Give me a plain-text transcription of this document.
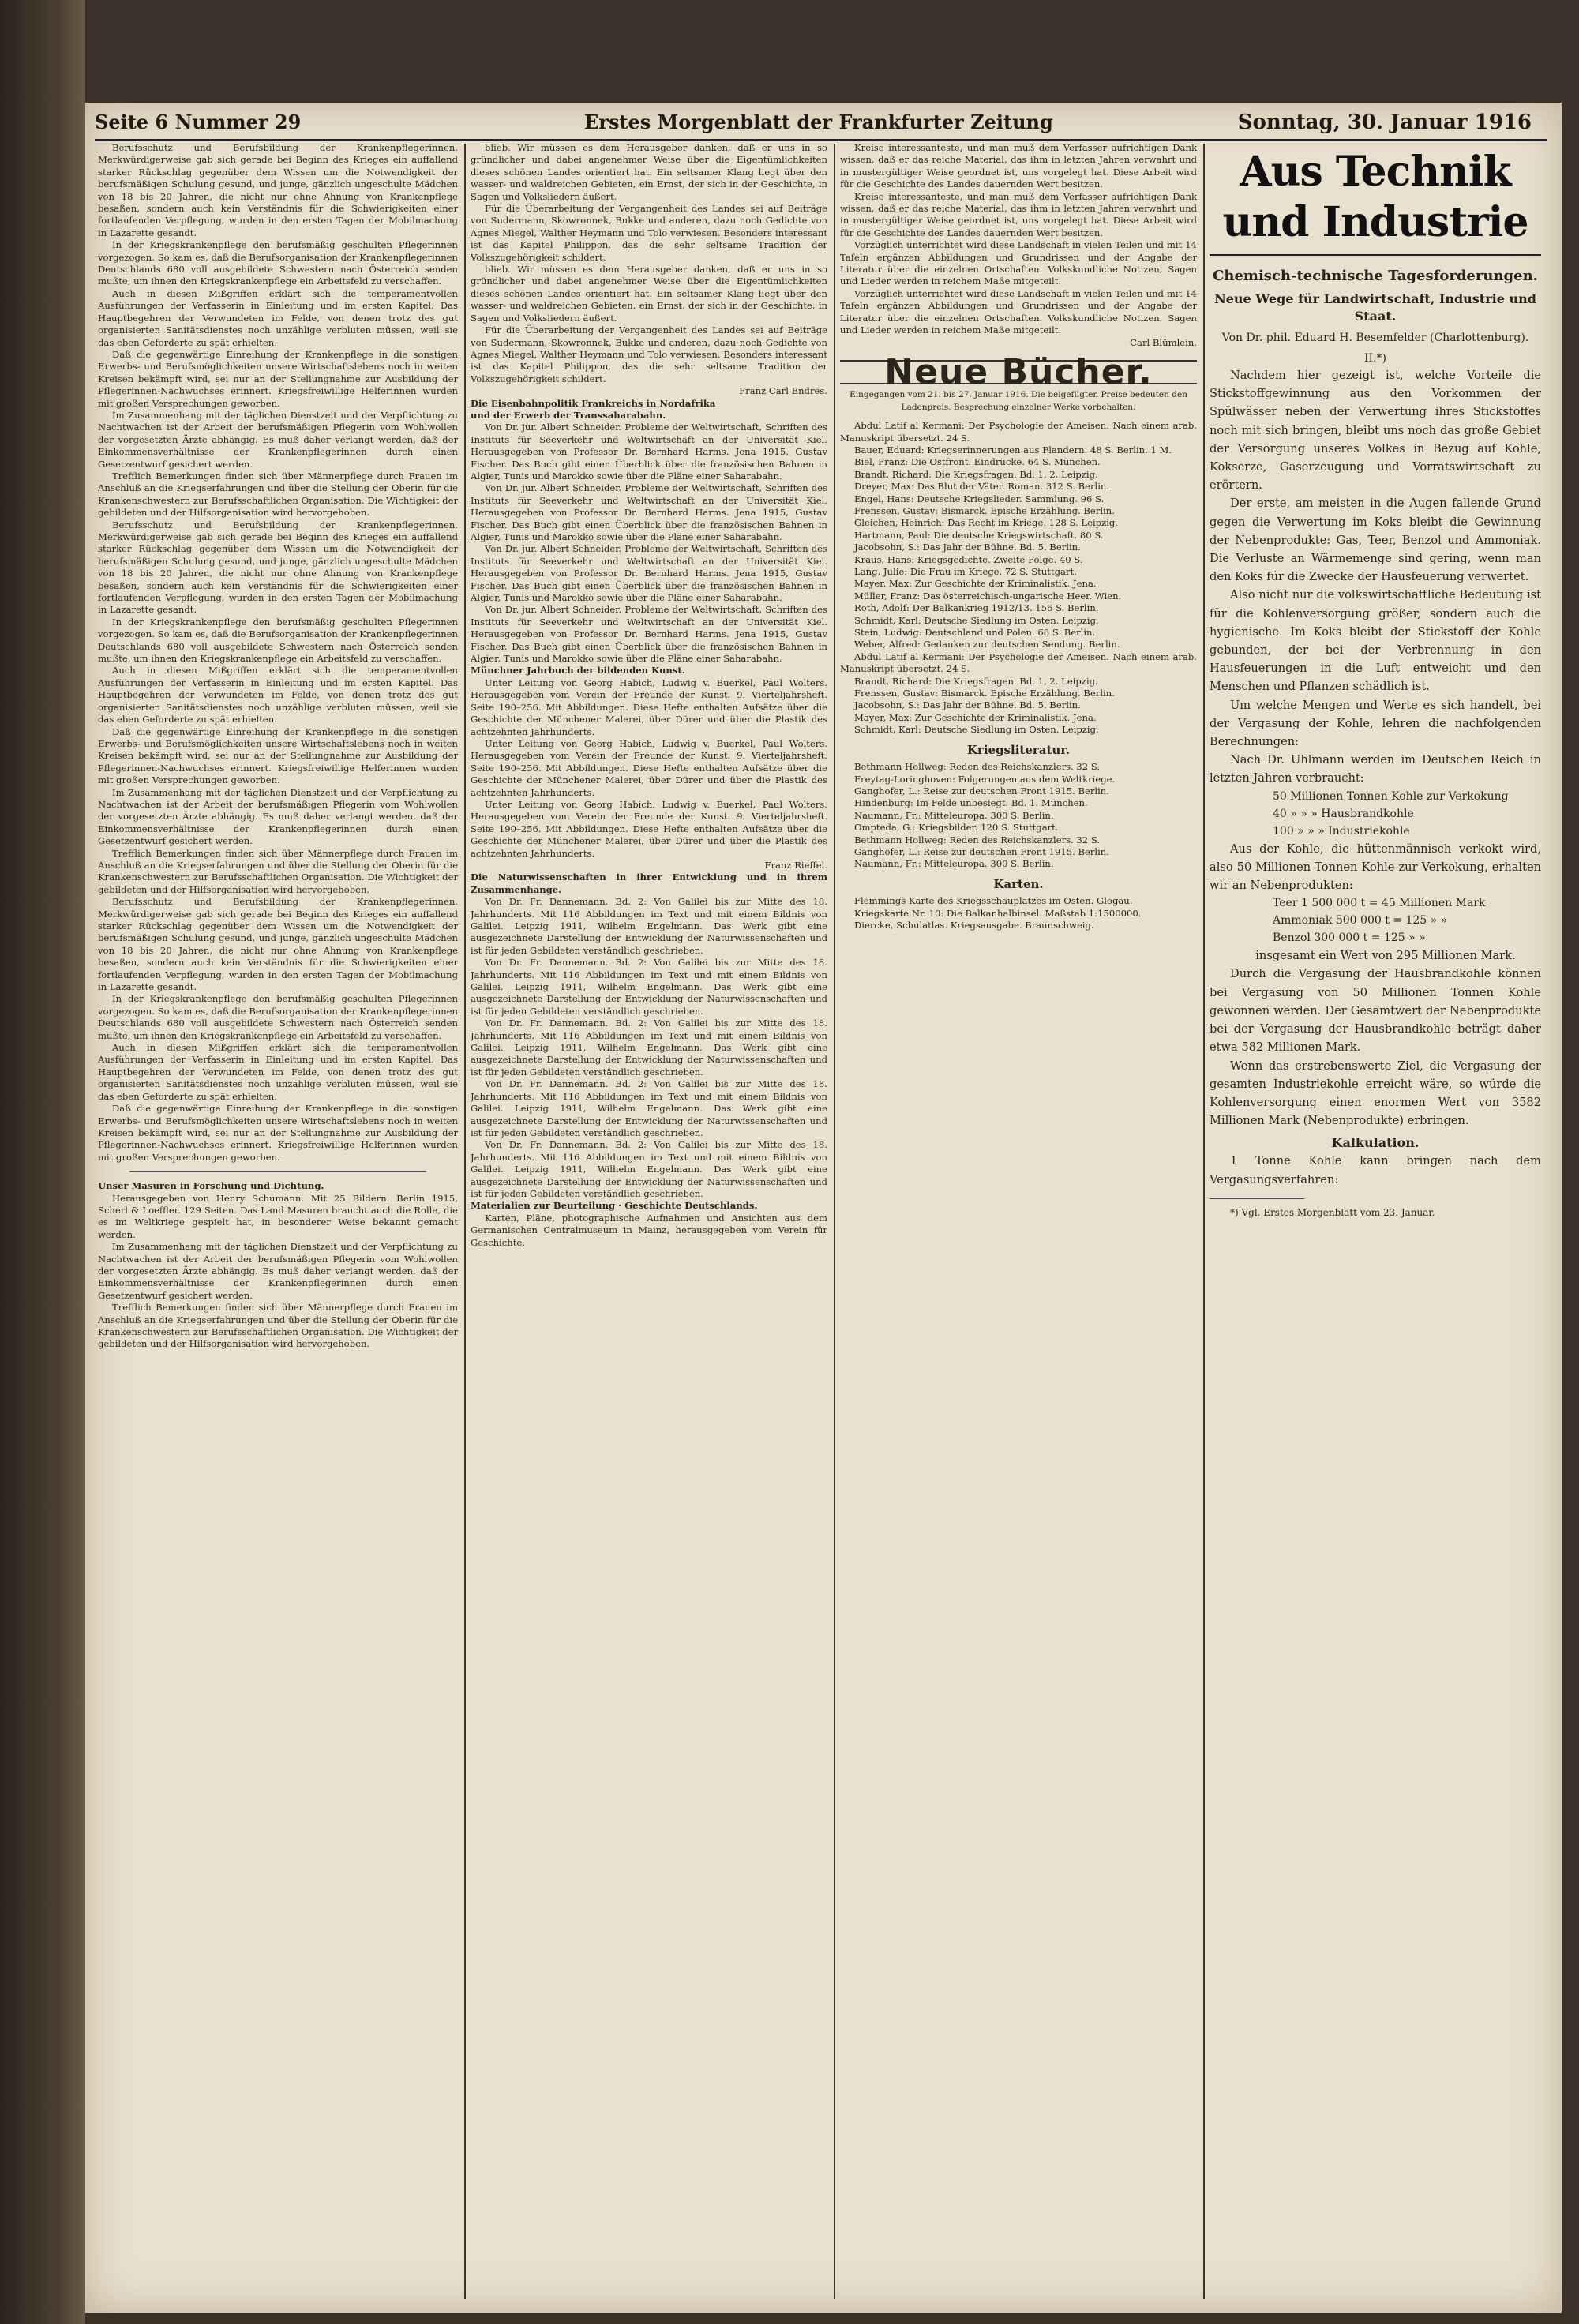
Seite 6 Nummer 29	Erstes Morgenblatt der Frankfurter Zeitung	Sonntag, 30. Januar 1916

Berufsschutz und Berufsbildung der Krankenpflegerinnen. Merkwürdigerweise gab sich gerade bei Beginn des Krieges ein auffallend starker Rückschlag gegenüber dem Wissen um die Notwendigkeit der berufsmäßigen Schulung gesund, und junge, gänzlich ungeschulte Mädchen von 18 bis 20 Jahren, die nicht nur ohne Ahnung von Krankenpflege besaßen, sondern auch kein Verständnis für die Schwierigkeiten einer fortlaufenden Verpflegung, wurden in den ersten Tagen der Mobilmachung in Lazarette gesandt.

In der Kriegskrankenpflege den berufsmäßig geschulten Pflegerinnen vorgezogen. So kam es, daß die Berufsorganisation der Krankenpflegerinnen Deutschlands 680 voll ausgebildete Schwestern nach Österreich senden mußte, um ihnen den Kriegskrankenpflege ein Arbeitsfeld zu verschaffen.

Auch in diesen Mißgriffen erklärt sich die temperamentvollen Ausführungen der Verfasserin in Einleitung und im ersten Kapitel. Das Hauptbegehren der Verwundeten im Felde, von denen trotz des gut organisierten Sanitätsdienstes noch unzählige verbluten müssen, weil sie das eben Geforderte zu spät erhielten.

Daß die gegenwärtige Einreihung der Krankenpflege in die sonstigen Erwerbs- und Berufsmöglichkeiten unsere Wirtschaftslebens noch in weiten Kreisen bekämpft wird, sei nur an der Stellungnahme zur Ausbildung der Pflegerinnen-Nachwuchses erinnert. Kriegsfreiwillige Helferinnen wurden mit großen Versprechungen geworben.

Im Zusammenhang mit der täglichen Dienstzeit und der Verpflichtung zu Nachtwachen ist der Arbeit der berufsmäßigen Pflegerin vom Wohlwollen der vorgesetzten Ärzte abhängig. Es muß daher verlangt werden, daß der Einkommensverhältnisse der Krankenpflegerinnen durch einen Gesetzentwurf gesichert werden.

Trefflich Bemerkungen finden sich über Männerpflege durch Frauen im Anschluß an die Kriegserfahrungen und über die Stellung der Oberin für die Krankenschwestern zur Berufsschaftlichen Organisation. Die Wichtigkeit der gebildeten und der Hilfsorganisation wird hervorgehoben.

Berufsschutz und Berufsbildung der Krankenpflegerinnen. Merkwürdigerweise gab sich gerade bei Beginn des Krieges ein auffallend starker Rückschlag gegenüber dem Wissen um die Notwendigkeit der berufsmäßigen Schulung gesund, und junge, gänzlich ungeschulte Mädchen von 18 bis 20 Jahren, die nicht nur ohne Ahnung von Krankenpflege besaßen, sondern auch kein Verständnis für die Schwierigkeiten einer fortlaufenden Verpflegung, wurden in den ersten Tagen der Mobilmachung in Lazarette gesandt.

In der Kriegskrankenpflege den berufsmäßig geschulten Pflegerinnen vorgezogen. So kam es, daß die Berufsorganisation der Krankenpflegerinnen Deutschlands 680 voll ausgebildete Schwestern nach Österreich senden mußte, um ihnen den Kriegskrankenpflege ein Arbeitsfeld zu verschaffen.

Auch in diesen Mißgriffen erklärt sich die temperamentvollen Ausführungen der Verfasserin in Einleitung und im ersten Kapitel. Das Hauptbegehren der Verwundeten im Felde, von denen trotz des gut organisierten Sanitätsdienstes noch unzählige verbluten müssen, weil sie das eben Geforderte zu spät erhielten.

Daß die gegenwärtige Einreihung der Krankenpflege in die sonstigen Erwerbs- und Berufsmöglichkeiten unsere Wirtschaftslebens noch in weiten Kreisen bekämpft wird, sei nur an der Stellungnahme zur Ausbildung der Pflegerinnen-Nachwuchses erinnert. Kriegsfreiwillige Helferinnen wurden mit großen Versprechungen geworben.

Im Zusammenhang mit der täglichen Dienstzeit und der Verpflichtung zu Nachtwachen ist der Arbeit der berufsmäßigen Pflegerin vom Wohlwollen der vorgesetzten Ärzte abhängig. Es muß daher verlangt werden, daß der Einkommensverhältnisse der Krankenpflegerinnen durch einen Gesetzentwurf gesichert werden.

Trefflich Bemerkungen finden sich über Männerpflege durch Frauen im Anschluß an die Kriegserfahrungen und über die Stellung der Oberin für die Krankenschwestern zur Berufsschaftlichen Organisation. Die Wichtigkeit der gebildeten und der Hilfsorganisation wird hervorgehoben.

Berufsschutz und Berufsbildung der Krankenpflegerinnen. Merkwürdigerweise gab sich gerade bei Beginn des Krieges ein auffallend starker Rückschlag gegenüber dem Wissen um die Notwendigkeit der berufsmäßigen Schulung gesund, und junge, gänzlich ungeschulte Mädchen von 18 bis 20 Jahren, die nicht nur ohne Ahnung von Krankenpflege besaßen, sondern auch kein Verständnis für die Schwierigkeiten einer fortlaufenden Verpflegung, wurden in den ersten Tagen der Mobilmachung in Lazarette gesandt.

In der Kriegskrankenpflege den berufsmäßig geschulten Pflegerinnen vorgezogen. So kam es, daß die Berufsorganisation der Krankenpflegerinnen Deutschlands 680 voll ausgebildete Schwestern nach Österreich senden mußte, um ihnen den Kriegskrankenpflege ein Arbeitsfeld zu verschaffen.

Auch in diesen Mißgriffen erklärt sich die temperamentvollen Ausführungen der Verfasserin in Einleitung und im ersten Kapitel. Das Hauptbegehren der Verwundeten im Felde, von denen trotz des gut organisierten Sanitätsdienstes noch unzählige verbluten müssen, weil sie das eben Geforderte zu spät erhielten.

Daß die gegenwärtige Einreihung der Krankenpflege in die sonstigen Erwerbs- und Berufsmöglichkeiten unsere Wirtschaftslebens noch in weiten Kreisen bekämpft wird, sei nur an der Stellungnahme zur Ausbildung der Pflegerinnen-Nachwuchses erinnert. Kriegsfreiwillige Helferinnen wurden mit großen Versprechungen geworben.

Unser Masuren in Forschung und Dichtung.

Herausgegeben von Henry Schumann. Mit 25 Bildern. Berlin 1915, Scherl & Loeffler. 129 Seiten. Das Land Masuren braucht auch die Rolle, die es im Weltkriege gespielt hat, in besonderer Weise bekannt gemacht werden.

Im Zusammenhang mit der täglichen Dienstzeit und der Verpflichtung zu Nachtwachen ist der Arbeit der berufsmäßigen Pflegerin vom Wohlwollen der vorgesetzten Ärzte abhängig. Es muß daher verlangt werden, daß der Einkommensverhältnisse der Krankenpflegerinnen durch einen Gesetzentwurf gesichert werden.

Trefflich Bemerkungen finden sich über Männerpflege durch Frauen im Anschluß an die Kriegserfahrungen und über die Stellung der Oberin für die Krankenschwestern zur Berufsschaftlichen Organisation. Die Wichtigkeit der gebildeten und der Hilfsorganisation wird hervorgehoben.

blieb. Wir müssen es dem Herausgeber danken, daß er uns in so gründlicher und dabei angenehmer Weise über die Eigentümlichkeiten dieses schönen Landes orientiert hat. Ein seltsamer Klang liegt über den wasser- und waldreichen Gebieten, ein Ernst, der sich in der Geschichte, in Sagen und Volksliedern äußert.

Für die Überarbeitung der Vergangenheit des Landes sei auf Beiträge von Sudermann, Skowronnek, Bukke und anderen, dazu noch Gedichte von Agnes Miegel, Walther Heymann und Tolo verwiesen. Besonders interessant ist das Kapitel Philippon, das die sehr seltsame Tradition der Volkszugehörigkeit schildert.

blieb. Wir müssen es dem Herausgeber danken, daß er uns in so gründlicher und dabei angenehmer Weise über die Eigentümlichkeiten dieses schönen Landes orientiert hat. Ein seltsamer Klang liegt über den wasser- und waldreichen Gebieten, ein Ernst, der sich in der Geschichte, in Sagen und Volksliedern äußert.

Für die Überarbeitung der Vergangenheit des Landes sei auf Beiträge von Sudermann, Skowronnek, Bukke und anderen, dazu noch Gedichte von Agnes Miegel, Walther Heymann und Tolo verwiesen. Besonders interessant ist das Kapitel Philippon, das die sehr seltsame Tradition der Volkszugehörigkeit schildert.

Franz Carl Endres.

Die Eisenbahnpolitik Frankreichs in Nordafrika

und der Erwerb der Transsaharabahn.

Von Dr. jur. Albert Schneider. Probleme der Weltwirtschaft, Schriften des Instituts für Seeverkehr und Weltwirtschaft an der Universität Kiel. Herausgegeben von Professor Dr. Bernhard Harms. Jena 1915, Gustav Fischer. Das Buch gibt einen Überblick über die französischen Bahnen in Algier, Tunis und Marokko sowie über die Pläne einer Saharabahn.

Von Dr. jur. Albert Schneider. Probleme der Weltwirtschaft, Schriften des Instituts für Seeverkehr und Weltwirtschaft an der Universität Kiel. Herausgegeben von Professor Dr. Bernhard Harms. Jena 1915, Gustav Fischer. Das Buch gibt einen Überblick über die französischen Bahnen in Algier, Tunis und Marokko sowie über die Pläne einer Saharabahn.

Von Dr. jur. Albert Schneider. Probleme der Weltwirtschaft, Schriften des Instituts für Seeverkehr und Weltwirtschaft an der Universität Kiel. Herausgegeben von Professor Dr. Bernhard Harms. Jena 1915, Gustav Fischer. Das Buch gibt einen Überblick über die französischen Bahnen in Algier, Tunis und Marokko sowie über die Pläne einer Saharabahn.

Von Dr. jur. Albert Schneider. Probleme der Weltwirtschaft, Schriften des Instituts für Seeverkehr und Weltwirtschaft an der Universität Kiel. Herausgegeben von Professor Dr. Bernhard Harms. Jena 1915, Gustav Fischer. Das Buch gibt einen Überblick über die französischen Bahnen in Algier, Tunis und Marokko sowie über die Pläne einer Saharabahn.

Münchner Jahrbuch der bildenden Kunst.

Unter Leitung von Georg Habich, Ludwig v. Buerkel, Paul Wolters. Herausgegeben vom Verein der Freunde der Kunst. 9. Vierteljahrsheft. Seite 190–256. Mit Abbildungen. Diese Hefte enthalten Aufsätze über die Geschichte der Münchener Malerei, über Dürer und über die Plastik des achtzehnten Jahrhunderts.

Unter Leitung von Georg Habich, Ludwig v. Buerkel, Paul Wolters. Herausgegeben vom Verein der Freunde der Kunst. 9. Vierteljahrsheft. Seite 190–256. Mit Abbildungen. Diese Hefte enthalten Aufsätze über die Geschichte der Münchener Malerei, über Dürer und über die Plastik des achtzehnten Jahrhunderts.

Unter Leitung von Georg Habich, Ludwig v. Buerkel, Paul Wolters. Herausgegeben vom Verein der Freunde der Kunst. 9. Vierteljahrsheft. Seite 190–256. Mit Abbildungen. Diese Hefte enthalten Aufsätze über die Geschichte der Münchener Malerei, über Dürer und über die Plastik des achtzehnten Jahrhunderts.

Franz Rieffel.

Die Naturwissenschaften in ihrer Entwicklung und in ihrem Zusammenhange.

Von Dr. Fr. Dannemann. Bd. 2: Von Galilei bis zur Mitte des 18. Jahrhunderts. Mit 116 Abbildungen im Text und mit einem Bildnis von Galilei. Leipzig 1911, Wilhelm Engelmann. Das Werk gibt eine ausgezeichnete Darstellung der Entwicklung der Naturwissenschaften und ist für jeden Gebildeten verständlich geschrieben.

Von Dr. Fr. Dannemann. Bd. 2: Von Galilei bis zur Mitte des 18. Jahrhunderts. Mit 116 Abbildungen im Text und mit einem Bildnis von Galilei. Leipzig 1911, Wilhelm Engelmann. Das Werk gibt eine ausgezeichnete Darstellung der Entwicklung der Naturwissenschaften und ist für jeden Gebildeten verständlich geschrieben.

Von Dr. Fr. Dannemann. Bd. 2: Von Galilei bis zur Mitte des 18. Jahrhunderts. Mit 116 Abbildungen im Text und mit einem Bildnis von Galilei. Leipzig 1911, Wilhelm Engelmann. Das Werk gibt eine ausgezeichnete Darstellung der Entwicklung der Naturwissenschaften und ist für jeden Gebildeten verständlich geschrieben.

Von Dr. Fr. Dannemann. Bd. 2: Von Galilei bis zur Mitte des 18. Jahrhunderts. Mit 116 Abbildungen im Text und mit einem Bildnis von Galilei. Leipzig 1911, Wilhelm Engelmann. Das Werk gibt eine ausgezeichnete Darstellung der Entwicklung der Naturwissenschaften und ist für jeden Gebildeten verständlich geschrieben.

Von Dr. Fr. Dannemann. Bd. 2: Von Galilei bis zur Mitte des 18. Jahrhunderts. Mit 116 Abbildungen im Text und mit einem Bildnis von Galilei. Leipzig 1911, Wilhelm Engelmann. Das Werk gibt eine ausgezeichnete Darstellung der Entwicklung der Naturwissenschaften und ist für jeden Gebildeten verständlich geschrieben.

Materialien zur Beurteilung · Geschichte Deutschlands.

Karten, Pläne, photographische Aufnahmen und Ansichten aus dem Germanischen Centralmuseum in Mainz, herausgegeben vom Verein für Geschichte.

Kreise interessanteste, und man muß dem Verfasser aufrichtigen Dank wissen, daß er das reiche Material, das ihm in letzten Jahren verwahrt und in mustergültiger Weise geordnet ist, uns vorgelegt hat. Diese Arbeit wird für die Geschichte des Landes dauernden Wert besitzen.

Kreise interessanteste, und man muß dem Verfasser aufrichtigen Dank wissen, daß er das reiche Material, das ihm in letzten Jahren verwahrt und in mustergültiger Weise geordnet ist, uns vorgelegt hat. Diese Arbeit wird für die Geschichte des Landes dauernden Wert besitzen.

Vorzüglich unterrichtet wird diese Landschaft in vielen Teilen und mit 14 Tafeln ergänzen Abbildungen und Grundrissen und der Angabe der Literatur über die einzelnen Ortschaften. Volkskundliche Notizen, Sagen und Lieder werden in reichem Maße mitgeteilt.

Vorzüglich unterrichtet wird diese Landschaft in vielen Teilen und mit 14 Tafeln ergänzen Abbildungen und Grundrissen und der Angabe der Literatur über die einzelnen Ortschaften. Volkskundliche Notizen, Sagen und Lieder werden in reichem Maße mitgeteilt.

Carl Blümlein.

Neue Bücher.
Eingegangen vom 21. bis 27. Januar 1916. Die beigefügten Preise bedeuten den Ladenpreis. Besprechung einzelner Werke vorbehalten.

Abdul Latif al Kermani: Der Psychologie der Ameisen. Nach einem arab. Manuskript übersetzt. 24 S.

Bauer, Eduard: Kriegserinnerungen aus Flandern. 48 S. Berlin. 1 M.

Biel, Franz: Die Ostfront. Eindrücke. 64 S. München.

Brandt, Richard: Die Kriegsfragen. Bd. 1, 2. Leipzig.

Dreyer, Max: Das Blut der Väter. Roman. 312 S. Berlin.

Engel, Hans: Deutsche Kriegslieder. Sammlung. 96 S.

Frenssen, Gustav: Bismarck. Epische Erzählung. Berlin.

Gleichen, Heinrich: Das Recht im Kriege. 128 S. Leipzig.

Hartmann, Paul: Die deutsche Kriegswirtschaft. 80 S.

Jacobsohn, S.: Das Jahr der Bühne. Bd. 5. Berlin.

Kraus, Hans: Kriegsgedichte. Zweite Folge. 40 S.

Lang, Julie: Die Frau im Kriege. 72 S. Stuttgart.

Mayer, Max: Zur Geschichte der Kriminalistik. Jena.

Müller, Franz: Das österreichisch-ungarische Heer. Wien.

Roth, Adolf: Der Balkankrieg 1912/13. 156 S. Berlin.

Schmidt, Karl: Deutsche Siedlung im Osten. Leipzig.

Stein, Ludwig: Deutschland und Polen. 68 S. Berlin.

Weber, Alfred: Gedanken zur deutschen Sendung. Berlin.

Abdul Latif al Kermani: Der Psychologie der Ameisen. Nach einem arab. Manuskript übersetzt. 24 S.

Brandt, Richard: Die Kriegsfragen. Bd. 1, 2. Leipzig.

Frenssen, Gustav: Bismarck. Epische Erzählung. Berlin.

Jacobsohn, S.: Das Jahr der Bühne. Bd. 5. Berlin.

Mayer, Max: Zur Geschichte der Kriminalistik. Jena.

Schmidt, Karl: Deutsche Siedlung im Osten. Leipzig.

Kriegsliteratur.

Bethmann Hollweg: Reden des Reichskanzlers. 32 S.

Freytag-Loringhoven: Folgerungen aus dem Weltkriege.

Ganghofer, L.: Reise zur deutschen Front 1915. Berlin.

Hindenburg: Im Felde unbesiegt. Bd. 1. München.

Naumann, Fr.: Mitteleuropa. 300 S. Berlin.

Ompteda, G.: Kriegsbilder. 120 S. Stuttgart.

Bethmann Hollweg: Reden des Reichskanzlers. 32 S.

Ganghofer, L.: Reise zur deutschen Front 1915. Berlin.

Naumann, Fr.: Mitteleuropa. 300 S. Berlin.

Karten.

Flemmings Karte des Kriegsschauplatzes im Osten. Glogau.

Kriegskarte Nr. 10: Die Balkanhalbinsel. Maßstab 1:1500000.

Diercke, Schulatlas. Kriegsausgabe. Braunschweig.

Aus Technik und Industrie
Chemisch-technische Tagesforderungen.
Neue Wege für Landwirtschaft, Industrie und Staat.
Von Dr. phil. Eduard H. Besemfelder (Charlottenburg).
II.*)

Nachdem hier gezeigt ist, welche Vorteile die Stickstoffgewinnung aus den Vorkommen der Spülwässer neben der Verwertung ihres Stickstoffes noch mit sich bringen, bleibt uns noch das große Gebiet der Versorgung unseres Volkes in Bezug auf Kohle, Kokserze, Gaserzeugung und Vorratswirtschaft zu erörtern.

Der erste, am meisten in die Augen fallende Grund gegen die Verwertung im Koks bleibt die Gewinnung der Nebenprodukte: Gas, Teer, Benzol und Ammoniak. Die Verluste an Wärmemenge sind gering, wenn man den Koks für die Zwecke der Hausfeuerung verwertet.

Also nicht nur die volkswirtschaftliche Bedeutung ist für die Kohlenversorgung größer, sondern auch die hygienische. Im Koks bleibt der Stickstoff der Kohle gebunden, der bei der Verbrennung in den Hausfeuerungen in die Luft entweicht und den Menschen und Pflanzen schädlich ist.

Um welche Mengen und Werte es sich handelt, bei der Vergasung der Kohle, lehren die nachfolgenden Berechnungen:

Nach Dr. Uhlmann werden im Deutschen Reich in letzten Jahren verbraucht:

50 Millionen Tonnen Kohle zur Verkokung
40 » » » Hausbrandkohle
100 » » » Industriekohle

Aus der Kohle, die hüttenmännisch verkokt wird, also 50 Millionen Tonnen Kohle zur Verkokung, erhalten wir an Nebenprodukten:

Teer 1 500 000 t = 45 Millionen Mark
Ammoniak 500 000 t = 125 » »
Benzol 300 000 t = 125 » »

insgesamt ein Wert von 295 Millionen Mark.

Durch die Vergasung der Hausbrandkohle können bei Vergasung von 50 Millionen Tonnen Kohle gewonnen werden. Der Gesamtwert der Nebenprodukte bei der Vergasung der Hausbrandkohle beträgt daher etwa 582 Millionen Mark.

Wenn das erstrebenswerte Ziel, die Vergasung der gesamten Industriekohle erreicht wäre, so würde die Kohlenversorgung einen enormen Wert von 3582 Millionen Mark (Nebenprodukte) erbringen.

Kalkulation.

1 Tonne Kohle kann bringen nach dem Vergasungsverfahren:

*) Vgl. Erstes Morgenblatt vom 23. Januar.
